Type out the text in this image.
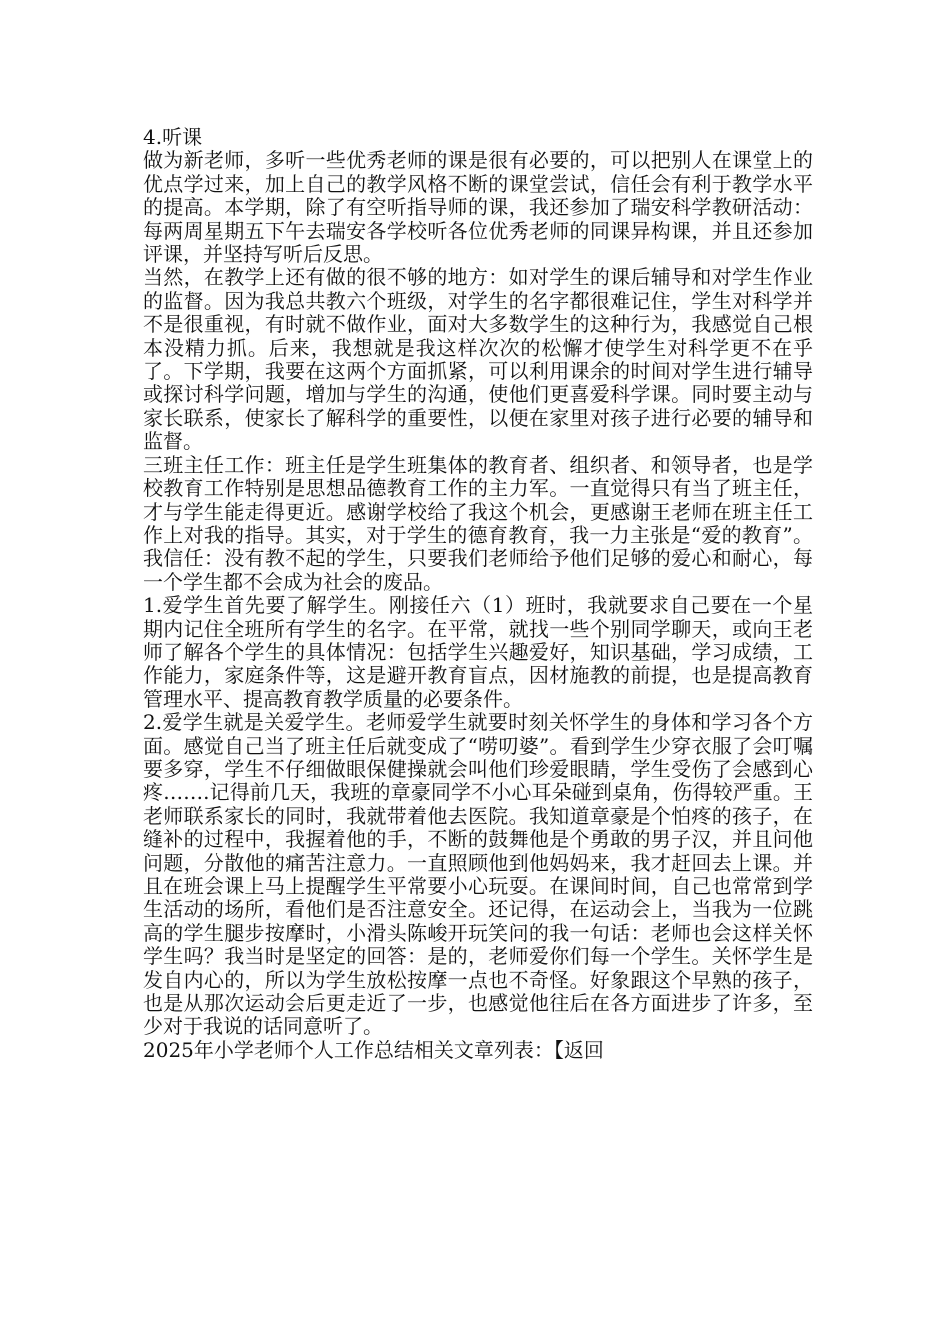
4.听课

做为新老师，多听一些优秀老师的课是很有必要的，可以把别人在课堂上的优点学过来，加上自己的教学风格不断的课堂尝试，信任会有利于教学水平的提高。本学期，除了有空听指导师的课，我还参加了瑞安科学教研活动：每两周星期五下午去瑞安各学校听各位优秀老师的同课异构课，并且还参加评课，并坚持写听后反思。

当然，在教学上还有做的很不够的地方：如对学生的课后辅导和对学生作业的监督。因为我总共教六个班级，对学生的名字都很难记住，学生对科学并不是很重视，有时就不做作业，面对大多数学生的这种行为，我感觉自己根本没精力抓。后来，我想就是我这样次次的松懈才使学生对科学更不在乎了。下学期，我要在这两个方面抓紧，可以利用课余的时间对学生进行辅导或探讨科学问题，增加与学生的沟通，使他们更喜爱科学课。同时要主动与家长联系，使家长了解科学的重要性，以便在家里对孩子进行必要的辅导和监督。

三班主任工作：班主任是学生班集体的教育者、组织者、和领导者，也是学校教育工作特别是思想品德教育工作的主力军。一直觉得只有当了班主任，才与学生能走得更近。感谢学校给了我这个机会，更感谢王老师在班主任工作上对我的指导。其实，对于学生的德育教育，我一力主张是“爱的教育”。我信任：没有教不起的学生，只要我们老师给予他们足够的爱心和耐心，每一个学生都不会成为社会的废品。

1.爱学生首先要了解学生。刚接任六（1）班时，我就要求自己要在一个星期内记住全班所有学生的名字。在平常，就找一些个别同学聊天，或向王老师了解各个学生的具体情况：包括学生兴趣爱好，知识基础，学习成绩，工作能力，家庭条件等，这是避开教育盲点，因材施教的前提，也是提高教育管理水平、提高教育教学质量的必要条件。

2.爱学生就是关爱学生。老师爱学生就要时刻关怀学生的身体和学习各个方面。感觉自己当了班主任后就变成了“唠叨婆”。看到学生少穿衣服了会叮嘱要多穿，学生不仔细做眼保健操就会叫他们珍爱眼睛，学生受伤了会感到心疼…….记得前几天，我班的章豪同学不小心耳朵碰到桌角，伤得较严重。王老师联系家长的同时，我就带着他去医院。我知道章豪是个怕疼的孩子，在缝补的过程中，我握着他的手，不断的鼓舞他是个勇敢的男子汉，并且问他问题，分散他的痛苦注意力。一直照顾他到他妈妈来，我才赶回去上课。并且在班会课上马上提醒学生平常要小心玩耍。在课间时间，自己也常常到学生活动的场所，看他们是否注意安全。还记得，在运动会上，当我为一位跳高的学生腿步按摩时，小滑头陈峻开玩笑问的我一句话：老师也会这样关怀学生吗？我当时是坚定的回答：是的，老师爱你们每一个学生。关怀学生是发自内心的，所以为学生放松按摩一点也不奇怪。好象跟这个早熟的孩子，也是从那次运动会后更走近了一步，也感觉他往后在各方面进步了许多，至少对于我说的话同意听了。

2025年小学老师个人工作总结相关文章列表：【返回
